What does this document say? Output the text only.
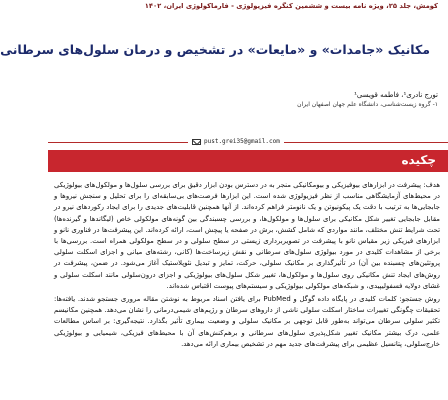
کومش، جلد ۲۵، ویژه نامه بیست و ششمین کنگره فیزیولوژی - فارماکولوژی ایران، ۱۴۰۲
مکانیک «جامدات» و «مایعات» در تشخیص و درمان سلول‌های سرطانی
تورج نادری¹، فاطمه قویسی¹
۱- گروه زیست‌شناسی، دانشگاه علم جهان اصفهان ایران
pust.grei35@gmail.com
چکیده

هدف: پیشرفت در ابزارهای بیوفیزیکی و بیومکانیکی منجر به در دسترس بودن ابزار دقیق برای بررسی سلول‌ها و مولکول‌های بیولوژیکی در محیط‌های آزمایشگاهی مناسب از نظر فیزیولوژی شده است. این ابزارها فرصت‌های بی‌سابقه‌ای را برای تحلیل و سنجش نیروها و جابجایی‌ها به ترتیب با دقت یک پیکونیوتن و یک نانومتر فراهم کرده‌اند. از آنها همچنین قابلیت‌های جدیدی را برای ایجاد رکوردهای نیرو در مقابل جابجایی تغییر شکل مکانیکی برای سلول‌ها و مولکول‌ها، و بررسی چسبندگی بین گونه‌های مولکولی خاص (لیگاندها و گیرنده‌ها) تحت شرایط تنش مختلف، مانند مواردی که شامل کشش، برش در صفحه یا پیچش است، ارائه کرده‌اند. این پیشرفت‌ها در فناوری نانو و ابزارهای فیزیکی زیر مقیاس نانو با پیشرفت در تصویربرداری زیستی در سطح سلولی و در سطح مولکولی همراه است. بررسی‌ها با برخی از مشاهدات کلیدی در مورد بیولوژی سلول‌های سرطانی و نقش زیرساخت‌ها (کانی، رشته‌های میانی و اجزای اسکلت سلولی پروتئین‌های چسبنده بین آن) در تأثیرگذاری بر مکانیک سلولی، حرکت، تمایز و تبدیل نئوپلاستیک آغاز می‌شود. در ضمن، پیشرفت در روش‌های ایجاد تنش مکانیکی روی سلول‌ها و مولکول‌ها، تغییر شکل سلول‌های بیولوژیکی و اجزای درون‌سلولی مانند اسکلت سلولی و غشای دولایه فسفولیپیدی، و شبکه‌های مولکولی بیولوژیکی و سیستم‌های پیوست اقتباس شده‌اند.

روش جستجو: کلمات کلیدی در پایگاه داده گوگل و PubMed برای یافتن اسناد مربوط به نوشتن مقاله مروری جستجو شدند. یافته‌ها: تحقیقات چگونگی تغییرات ساختار اسکلت سلولی ناشی از داروهای سرطان و رژیم‌های شیمی‌درمانی را نشان می‌دهد. همچنین مکانیسم تکثیر سلولی سرطان می‌تواند به‌طور قابل توجهی بر مکانیک سلولی و وضعیت بیماری تأثیر بگذارد. نتیجه‌گیری: بر اساس مطالعات علمی، درک بیشتر مکانیک تغییر شکل‌پذیری سلول‌های سرطانی و برهم‌کنش‌های آن با محیط‌های فیزیکی، شیمیایی و بیولوژیکی خارج‌سلولی، پتانسیل عظیمی برای پیشرفت‌های جدید مهم در تشخیص بیماری ارائه می‌دهد.
